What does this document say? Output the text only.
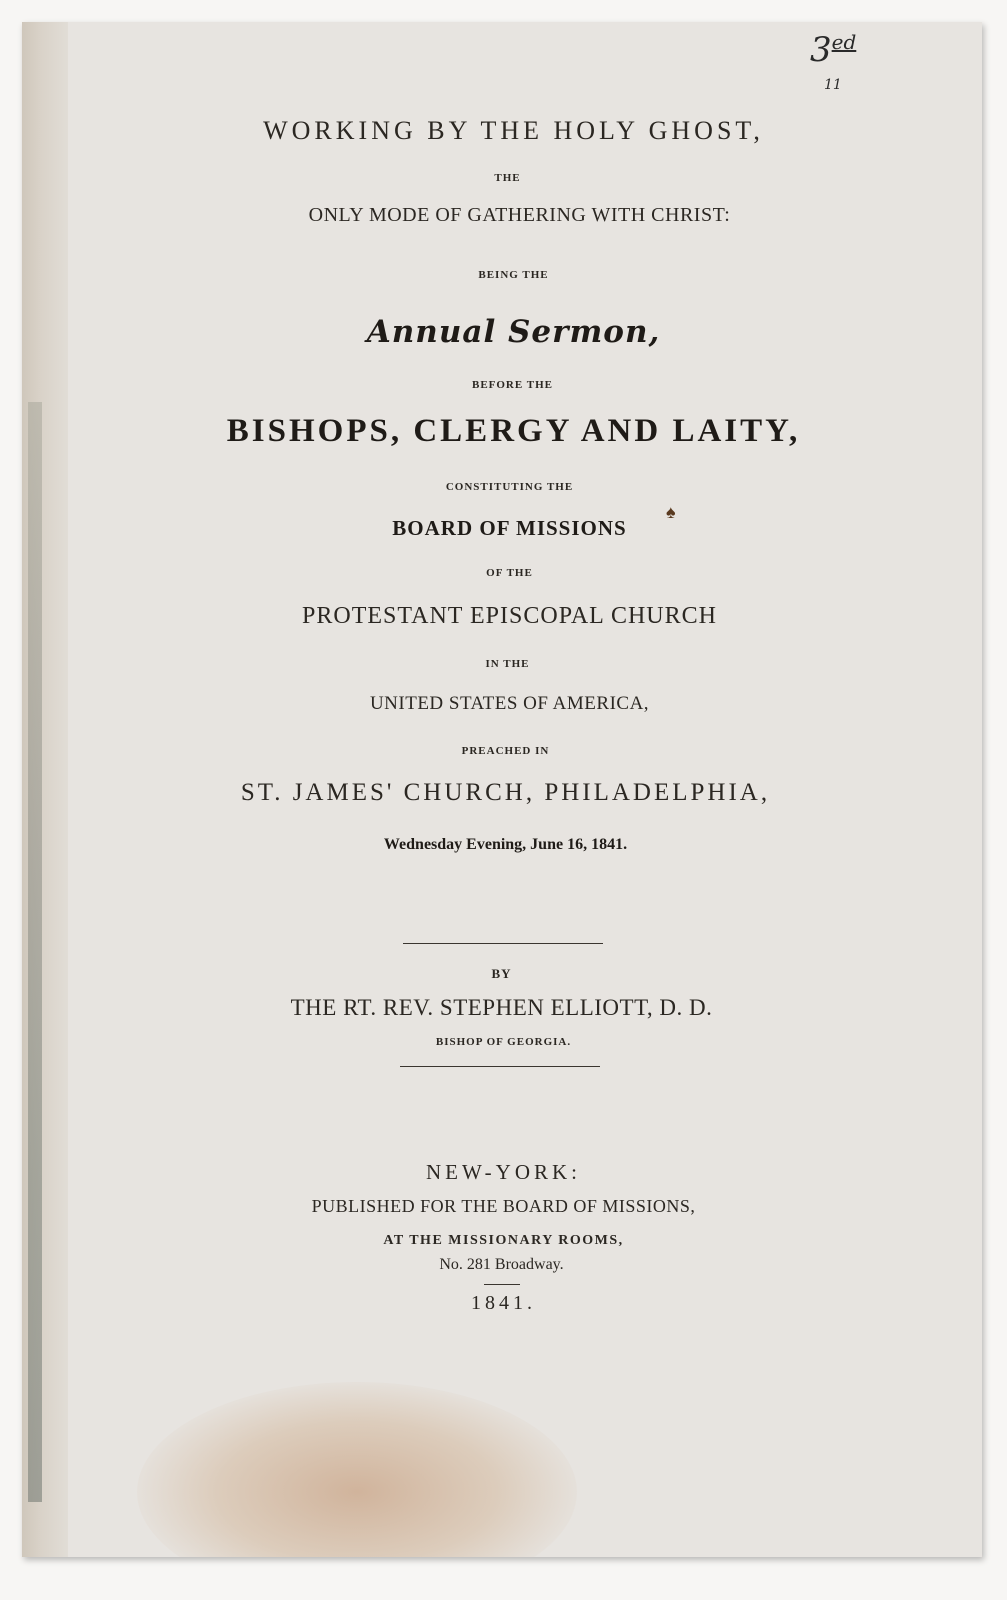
$3^{ed 11}$
WORKING BY THE HOLY GHOST,
THE
ONLY MODE OF GATHERING WITH CHRIST:
BEING THE
Annual Sermon,
BEFORE THE
BISHOPS, CLERGY AND LAITY,
CONSTITUTING THE
BOARD OF MISSIONS
♠
OF THE
PROTESTANT EPISCOPAL CHURCH
IN THE
UNITED STATES OF AMERICA,
PREACHED IN
ST. JAMES' CHURCH, PHILADELPHIA,
Wednesday Evening, June 16, 1841.
BY
THE RT. REV. STEPHEN ELLIOTT, D. D.
BISHOP OF GEORGIA.
NEW-YORK:
PUBLISHED FOR THE BOARD OF MISSIONS,
AT THE MISSIONARY ROOMS,
No. 281 Broadway.
1841.
